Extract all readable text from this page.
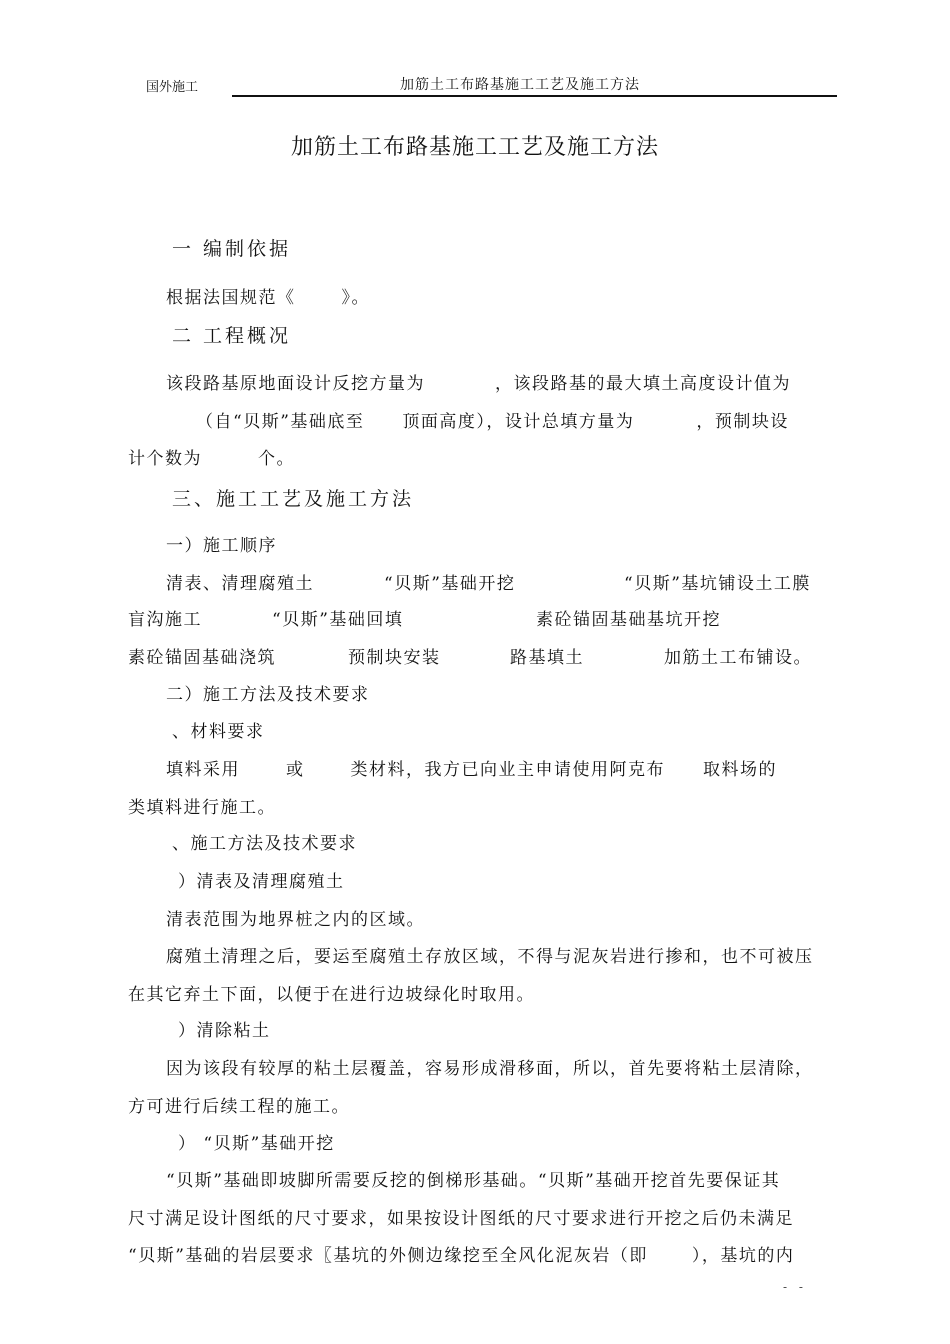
国外施工	加筋土工布路基施工工艺及施工方法
加筋土工布路基施工工艺及施工方法
一 编制依据
根据法国规范《	》。
二 工程概况
该段路基原地面设计反挖方量为	，该段路基的最大填土高度设计值为
（自“贝斯”基础底至 顶面高度），设计总填方量为	，预制块设
计个数为	个。
三、施工工艺及施工方法
一）施工顺序
清表、清理腐殖土	“贝斯”基础开挖	“贝斯”基坑铺设土工膜
盲沟施工	“贝斯”基础回填	素砼锚固基础基坑开挖
素砼锚固基础浇筑	预制块安装	路基填土	加筋土工布铺设。
二）施工方法及技术要求
、材料要求
填料采用	或	类材料，我方已向业主申请使用阿克布 取料场的
类填料进行施工。
、施工方法及技术要求
）清表及清理腐殖土
清表范围为地界桩之内的区域。
腐殖土清理之后，要运至腐殖土存放区域，不得与泥灰岩进行掺和，也不可被压
在其它弃土下面，以便于在进行边坡绿化时取用。
）清除粘土
因为该段有较厚的粘土层覆盖，容易形成滑移面，所以，首先要将粘土层清除，
方可进行后续工程的施工。
） “贝斯”基础开挖
“贝斯”基础即坡脚所需要反挖的倒梯形基础。“贝斯”基础开挖首先要保证其
尺寸满足设计图纸的尺寸要求，如果按设计图纸的尺寸要求进行开挖之后仍未满足
“贝斯”基础的岩层要求〖基坑的外侧边缘挖至全风化泥灰岩（即	），基坑的内
- -
